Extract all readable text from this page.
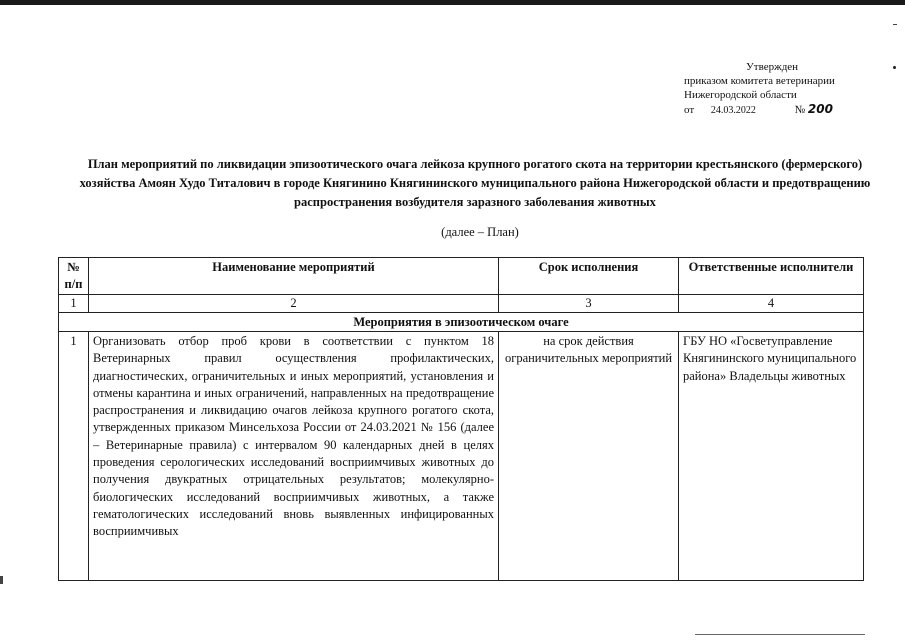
Утвержден
приказом комитета ветеринарии
Нижегородской области
от 24.03.2022	№ 200
План мероприятий по ликвидации эпизоотического очага лейкоза крупного рогатого скота на территории крестьянского (фермерского) хозяйства Амоян Худо Титалович в городе Княгинино Княгининского муниципального района Нижегородской области и предотвращению распространения возбудителя заразного заболевания животных
(далее – План)
№ п/п	Наименование мероприятий	Срок исполнения	Ответственные исполнители
1	2	3	4
Мероприятия в эпизоотическом очаге			
1	Организовать отбор проб крови в соответствии с пунктом 18 Ветеринарных правил осуществления профилактических, диагностических, ограничительных и иных мероприятий, установления и отмены карантина и иных ограничений, направленных на предотвращение распространения и ликвидацию очагов лейкоза крупного рогатого скота, утвержденных приказом Минсельхоза России от 24.03.2021 № 156 (далее – Ветеринарные правила) с интервалом 90 календарных дней в целях проведения серологических исследований восприимчивых животных до получения двукратных отрицательных результатов; молекулярно-биологических исследований восприимчивых животных, а также гематологических исследований вновь выявленных инфицированных восприимчивых	на срок действия ограничительных мероприятий	ГБУ НО «Госветуправление Княгининского муниципального района» Владельцы животных
